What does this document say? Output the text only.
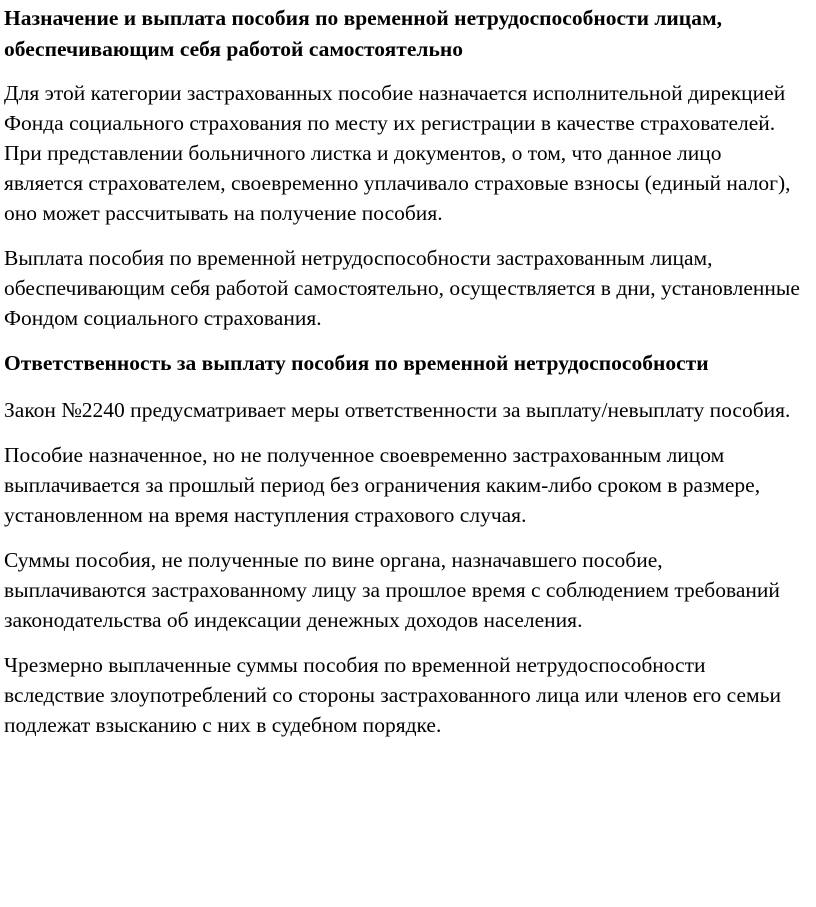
Назначение и выплата пособия по временной нетрудоспособности лицам, обеспечивающим себя работой самостоятельно
Для этой категории застрахованных пособие назначается исполнительной дирекцией Фонда социального страхования по месту их регистрации в качестве страхователей. При представлении больничного листка и документов, о том, что данное лицо является страхователем, своевременно уплачивало страховые взносы (единый налог), оно может рассчитывать на получение пособия.
Выплата пособия по временной нетрудоспособности застрахованным лицам, обеспечивающим себя работой самостоятельно, осуществляется в дни, установленные Фондом социального страхования.
Ответственность за выплату пособия по временной нетрудоспособности
Закон №2240 предусматривает меры ответственности за выплату/невыплату пособия.
Пособие назначенное, но не полученное своевременно застрахованным лицом выплачивается за прошлый период без ограничения каким-либо сроком в размере, установленном на время наступления страхового случая.
Суммы пособия, не полученные по вине органа, назначавшего пособие, выплачиваются застрахованному лицу за прошлое время с соблюдением требований законодательства об индексации денежных доходов населения.
Чрезмерно выплаченные суммы пособия по временной нетрудоспособности вследствие злоупотреблений со стороны застрахованного лица или членов его семьи подлежат взысканию с них в судебном порядке.
